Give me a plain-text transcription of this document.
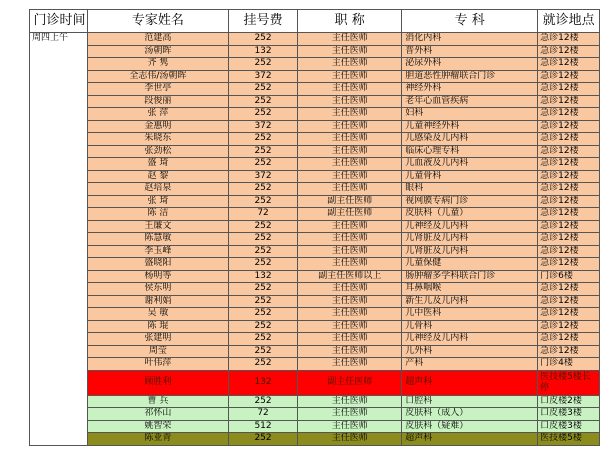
门诊时间	专家姓名	挂号费	职 称	专 科	就诊地点
周四上午	范建高	252	主任医师	消化内科	急诊12楼
	汤朝晖	132	主任医师	普外科	急诊12楼
	齐 隽	252	主任医师	泌尿外科	急诊12楼
	全志伟/汤朝晖	372	主任医师	胆道恶性肿瘤联合门诊	急诊12楼
	李世亭	252	主任医师	神经外科	急诊12楼
	段俊丽	252	主任医师	老年心血管疾病	急诊12楼
	张 萍	252	主任医师	妇科	急诊12楼
	金惠明	372	主任医师	儿童神经外科	急诊12楼
	朱晓东	252	主任医师	儿感染及儿内科	急诊12楼
	张劲松	252	主任医师	临床心理专科	急诊12楼
	盛 琦	252	主任医师	儿血液及儿内科	急诊12楼
	赵 黎	372	主任医师	儿童骨科	急诊12楼
	赵培泉	252	主任医师	眼科	急诊12楼
	张 琦	252	副主任医师	视网膜专病门诊	急诊12楼
	陈 洁	72	副主任医师	皮肤科（儿童）	急诊12楼
	王廉文	252	主任医师	儿神经及儿内科	急诊12楼
	陈慧敏	252	主任医师	儿肾脏及儿内科	急诊12楼
	李玉峰	252	主任医师	儿肾脏及儿内科	急诊12楼
	盛晓阳	252	主任医师	儿童保健	急诊12楼
	杨明等	132	副主任医师以上	肠肿瘤多学科联合门诊	门诊6楼
	侯东明	252	主任医师	耳鼻咽喉	急诊12楼
	谢利娟	252	主任医师	新生儿及儿内科	急诊12楼
	吴 敏	252	主任医师	儿中医科	急诊12楼
	陈 琨	252	主任医师	儿骨科	急诊12楼
	张建明	252	主任医师	儿神经及儿内科	急诊12楼
	周莹	252	主任医师	儿外科	急诊12楼
	叶伟萍	252	主任医师	产科	门诊4楼
	顾胜利	132	副主任医师	超声科	医技楼5楼长停
	曹 兵	252	主任医师	口腔科	口皮楼2楼
	祁怀山	72	主任医师	皮肤科（成人）	口皮楼3楼
	姚智荣	512	主任医师	皮肤科（疑难）	口皮楼3楼
	陈亚青	252	主任医师	超声科	医技楼5楼
